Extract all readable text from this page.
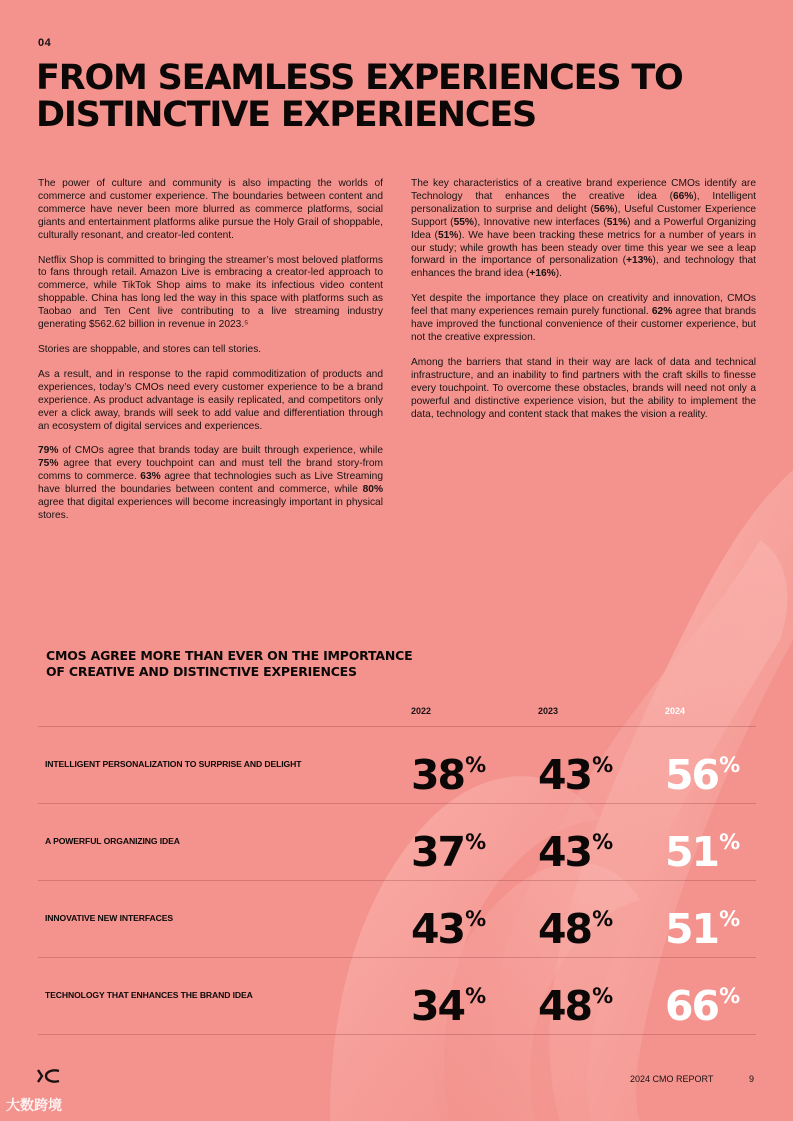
04
FROM SEAMLESS EXPERIENCES TO DISTINCTIVE EXPERIENCES

The power of culture and community is also impacting the worlds of commerce and customer experience. The boundaries between content and commerce have never been more blurred as commerce platforms, social giants and entertainment platforms alike pursue the Holy Grail of shoppable, culturally resonant, and creator-led content.

Netflix Shop is committed to bringing the streamer’s most beloved platforms to fans through retail. Amazon Live is embracing a creator-led approach to commerce, while TikTok Shop aims to make its infectious video content shoppable. China has long led the way in this space with platforms such as Taobao and Ten Cent live contributing to a live streaming industry generating $562.62 billion in revenue in 2023.⁵

Stories are shoppable, and stores can tell stories.

As a result, and in response to the rapid commoditization of products and experiences, today’s CMOs need every customer experience to be a brand experience. As product advantage is easily replicated, and competitors only ever a click away, brands will seek to add value and differentiation through an ecosystem of digital services and experiences.

79% of CMOs agree that brands today are built through experience, while 75% agree that every touchpoint can and must tell the brand story-from comms to commerce. 63% agree that technologies such as Live Streaming have blurred the boundaries between content and commerce, while 80% agree that digital experiences will become increasingly important in physical stores.

The key characteristics of a creative brand experience CMOs identify are Technology that enhances the creative idea (66%), Intelligent personalization to surprise and delight (56%), Useful Customer Experience Support (55%), Innovative new interfaces (51%) and a Powerful Organizing Idea (51%). We have been tracking these metrics for a number of years in our study; while growth has been steady over time this year we see a leap forward in the importance of personalization (+13%), and technology that enhances the brand idea (+16%).

Yet despite the importance they place on creativity and innovation, CMOs feel that many experiences remain purely functional. 62% agree that brands have improved the functional convenience of their customer experience, but not the creative expression.

Among the barriers that stand in their way are lack of data and technical infrastructure, and an inability to find partners with the craft skills to finesse every touchpoint. To overcome these obstacles, brands will need not only a powerful and distinctive experience vision, but the ability to implement the data, technology and content stack that makes the vision a reality.

CMOS AGREE MORE THAN EVER ON THE IMPORTANCE OF CREATIVE AND DISTINCTIVE EXPERIENCES
2022	2023	2024
INTELLIGENT PERSONALIZATION TO SURPRISE AND DELIGHT	38% 43% 56%
A POWERFUL ORGANIZING IDEA	37% 43% 51%
INNOVATIVE NEW INTERFACES	43% 48% 51%
TECHNOLOGY THAT ENHANCES THE BRAND IDEA	34% 48% 66%
2024 CMO REPORT	9
大数跨境
